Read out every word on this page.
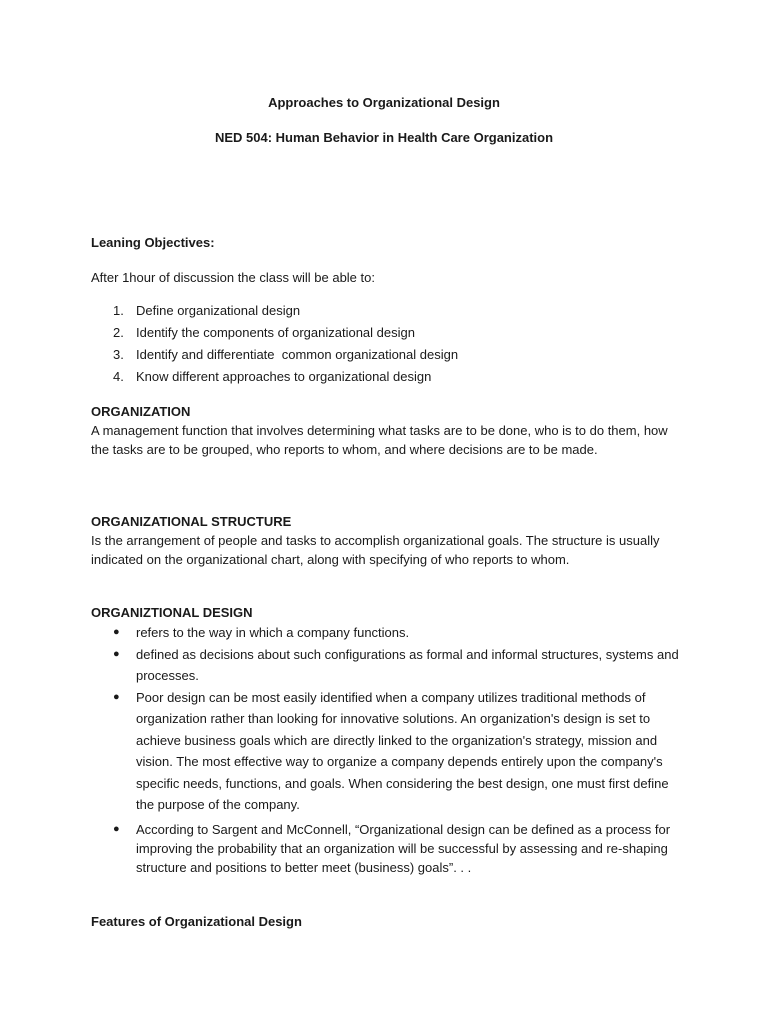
Approaches to Organizational Design
NED 504: Human Behavior in Health Care Organization
Leaning Objectives:
After 1hour of discussion the class will be able to:
1. Define organizational design
2. Identify the components of organizational design
3. Identify and differentiate  common organizational design
4. Know different approaches to organizational design
ORGANIZATION
A management function that involves determining what tasks are to be done, who is to do them, how the tasks are to be grouped, who reports to whom, and where decisions are to be made.
ORGANIZATIONAL STRUCTURE
Is the arrangement of people and tasks to accomplish organizational goals. The structure is usually indicated on the organizational chart, along with specifying of who reports to whom.
ORGANIZTIONAL DESIGN
● refers to the way in which a company functions.
● defined as decisions about such configurations as formal and informal structures, systems and processes.
● Poor design can be most easily identified when a company utilizes traditional methods of organization rather than looking for innovative solutions. An organization's design is set to achieve business goals which are directly linked to the organization's strategy, mission and vision. The most effective way to organize a company depends entirely upon the company's specific needs, functions, and goals. When considering the best design, one must first define the purpose of the company.
● According to Sargent and McConnell, “Organizational design can be defined as a process for improving the probability that an organization will be successful by assessing and re-shaping structure and positions to better meet (business) goals”. . .
Features of Organizational Design
